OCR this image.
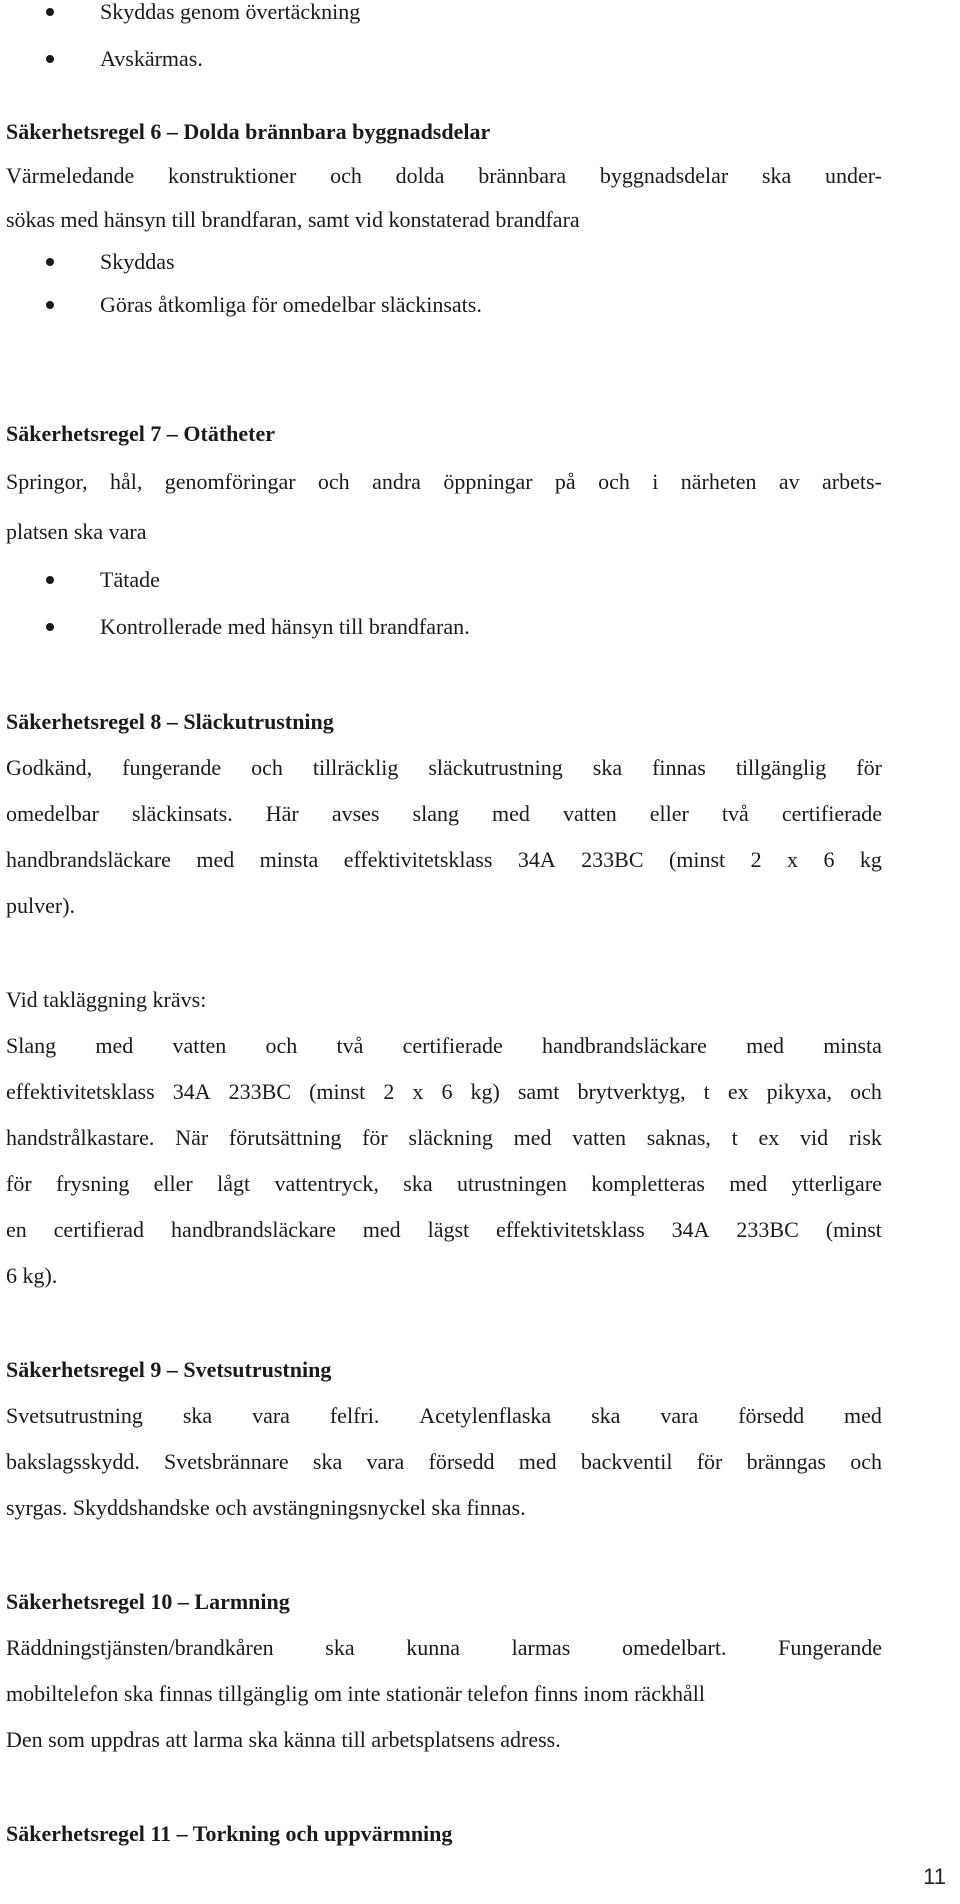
Skyddas genom övertäckning
Avskärmas.
Säkerhetsregel 6 – Dolda brännbara byggnadsdelar
Värmeledande konstruktioner och dolda brännbara byggnadsdelar ska under-
sökas med hänsyn till brandfaran, samt vid konstaterad brandfara
Skyddas
Göras åtkomliga för omedelbar släckinsats.
Säkerhetsregel 7 – Otätheter
Springor, hål, genomföringar och andra öppningar på och i närheten av arbets-
platsen ska vara
Tätade
Kontrollerade med hänsyn till brandfaran.
Säkerhetsregel 8 – Släckutrustning
Godkänd, fungerande och tillräcklig släckutrustning ska finnas tillgänglig för
omedelbar släckinsats. Här avses slang med vatten eller två certifierade
handbrandsläckare med minsta effektivitetsklass 34A 233BC (minst 2 x 6 kg
pulver).
Vid takläggning krävs:
Slang med vatten och två certifierade handbrandsläckare med minsta
effektivitetsklass 34A 233BC (minst 2 x 6 kg) samt brytverktyg, t ex pikyxa, och
handstrålkastare. När förutsättning för släckning med vatten saknas, t ex vid risk
för frysning eller lågt vattentryck, ska utrustningen kompletteras med ytterligare
en certifierad handbrandsläckare med lägst effektivitetsklass 34A 233BC (minst
6 kg).
Säkerhetsregel 9 – Svetsutrustning
Svetsutrustning ska vara felfri. Acetylenflaska ska vara försedd med
bakslagsskydd. Svetsbrännare ska vara försedd med backventil för bränngas och
syrgas. Skyddshandske och avstängningsnyckel ska finnas.
Säkerhetsregel 10 – Larmning
Räddningstjänsten/brandkåren ska kunna larmas omedelbart. Fungerande
mobiltelefon ska finnas tillgänglig om inte stationär telefon finns inom räckhåll
Den som uppdras att larma ska känna till arbetsplatsens adress.
Säkerhetsregel 11 – Torkning och uppvärmning
11
